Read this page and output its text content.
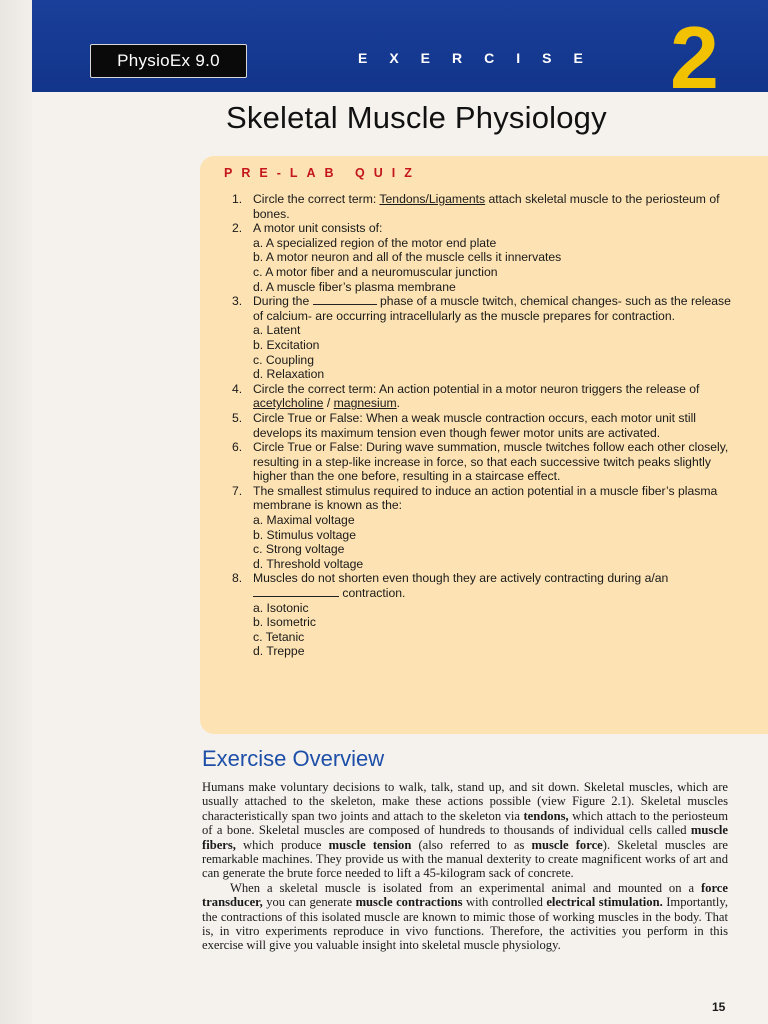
PhysioEx 9.0	EXERCISE 2
Skeletal Muscle Physiology
PRE-LAB QUIZ
1. Circle the correct term: Tendons/Ligaments attach skeletal muscle to the periosteum of bones.
2. A motor unit consists of:
a. A specialized region of the motor end plate
b. A motor neuron and all of the muscle cells it innervates
c. A motor fiber and a neuromuscular junction
d. A muscle fiber’s plasma membrane
3. During the	phase of a muscle twitch, chemical changes- such as the release of calcium- are occurring intracellularly as the muscle prepares for contraction.
a. Latent
b. Excitation
c. Coupling
d. Relaxation
4. Circle the correct term: An action potential in a motor neuron triggers the release of acetylcholine / magnesium.
5. Circle True or False: When a weak muscle contraction occurs, each motor unit still develops its maximum tension even though fewer motor units are activated.
6. Circle True or False: During wave summation, muscle twitches follow each other closely, resulting in a step-like increase in force, so that each successive twitch peaks slightly higher than the one before, resulting in a staircase effect.
7. The smallest stimulus required to induce an action potential in a muscle fiber’s plasma membrane is known as the:
a. Maximal voltage
b. Stimulus voltage
c. Strong voltage
d. Threshold voltage
8. Muscles do not shorten even though they are actively contracting during a/an  contraction.
a. Isotonic
b. Isometric
c. Tetanic
d. Treppe
Exercise Overview

Humans make voluntary decisions to walk, talk, stand up, and sit down. Skeletal muscles, which are usually attached to the skeleton, make these actions possible (view Figure 2.1). Skeletal muscles characteristically span two joints and attach to the skeleton via tendons, which attach to the periosteum of a bone. Skeletal muscles are composed of hundreds to thousands of individual cells called muscle fibers, which produce muscle tension (also referred to as muscle force). Skeletal muscles are remarkable machines. They provide us with the manual dexterity to create magnificent works of art and can generate the brute force needed to lift a 45-kilogram sack of concrete.

When a skeletal muscle is isolated from an experimental animal and mounted on a force transducer, you can generate muscle contractions with controlled electrical stimulation. Importantly, the contractions of this isolated muscle are known to mimic those of working muscles in the body. That is, in vitro experiments reproduce in vivo functions. Therefore, the activities you perform in this exercise will give you valuable insight into skeletal muscle physiology.

15
